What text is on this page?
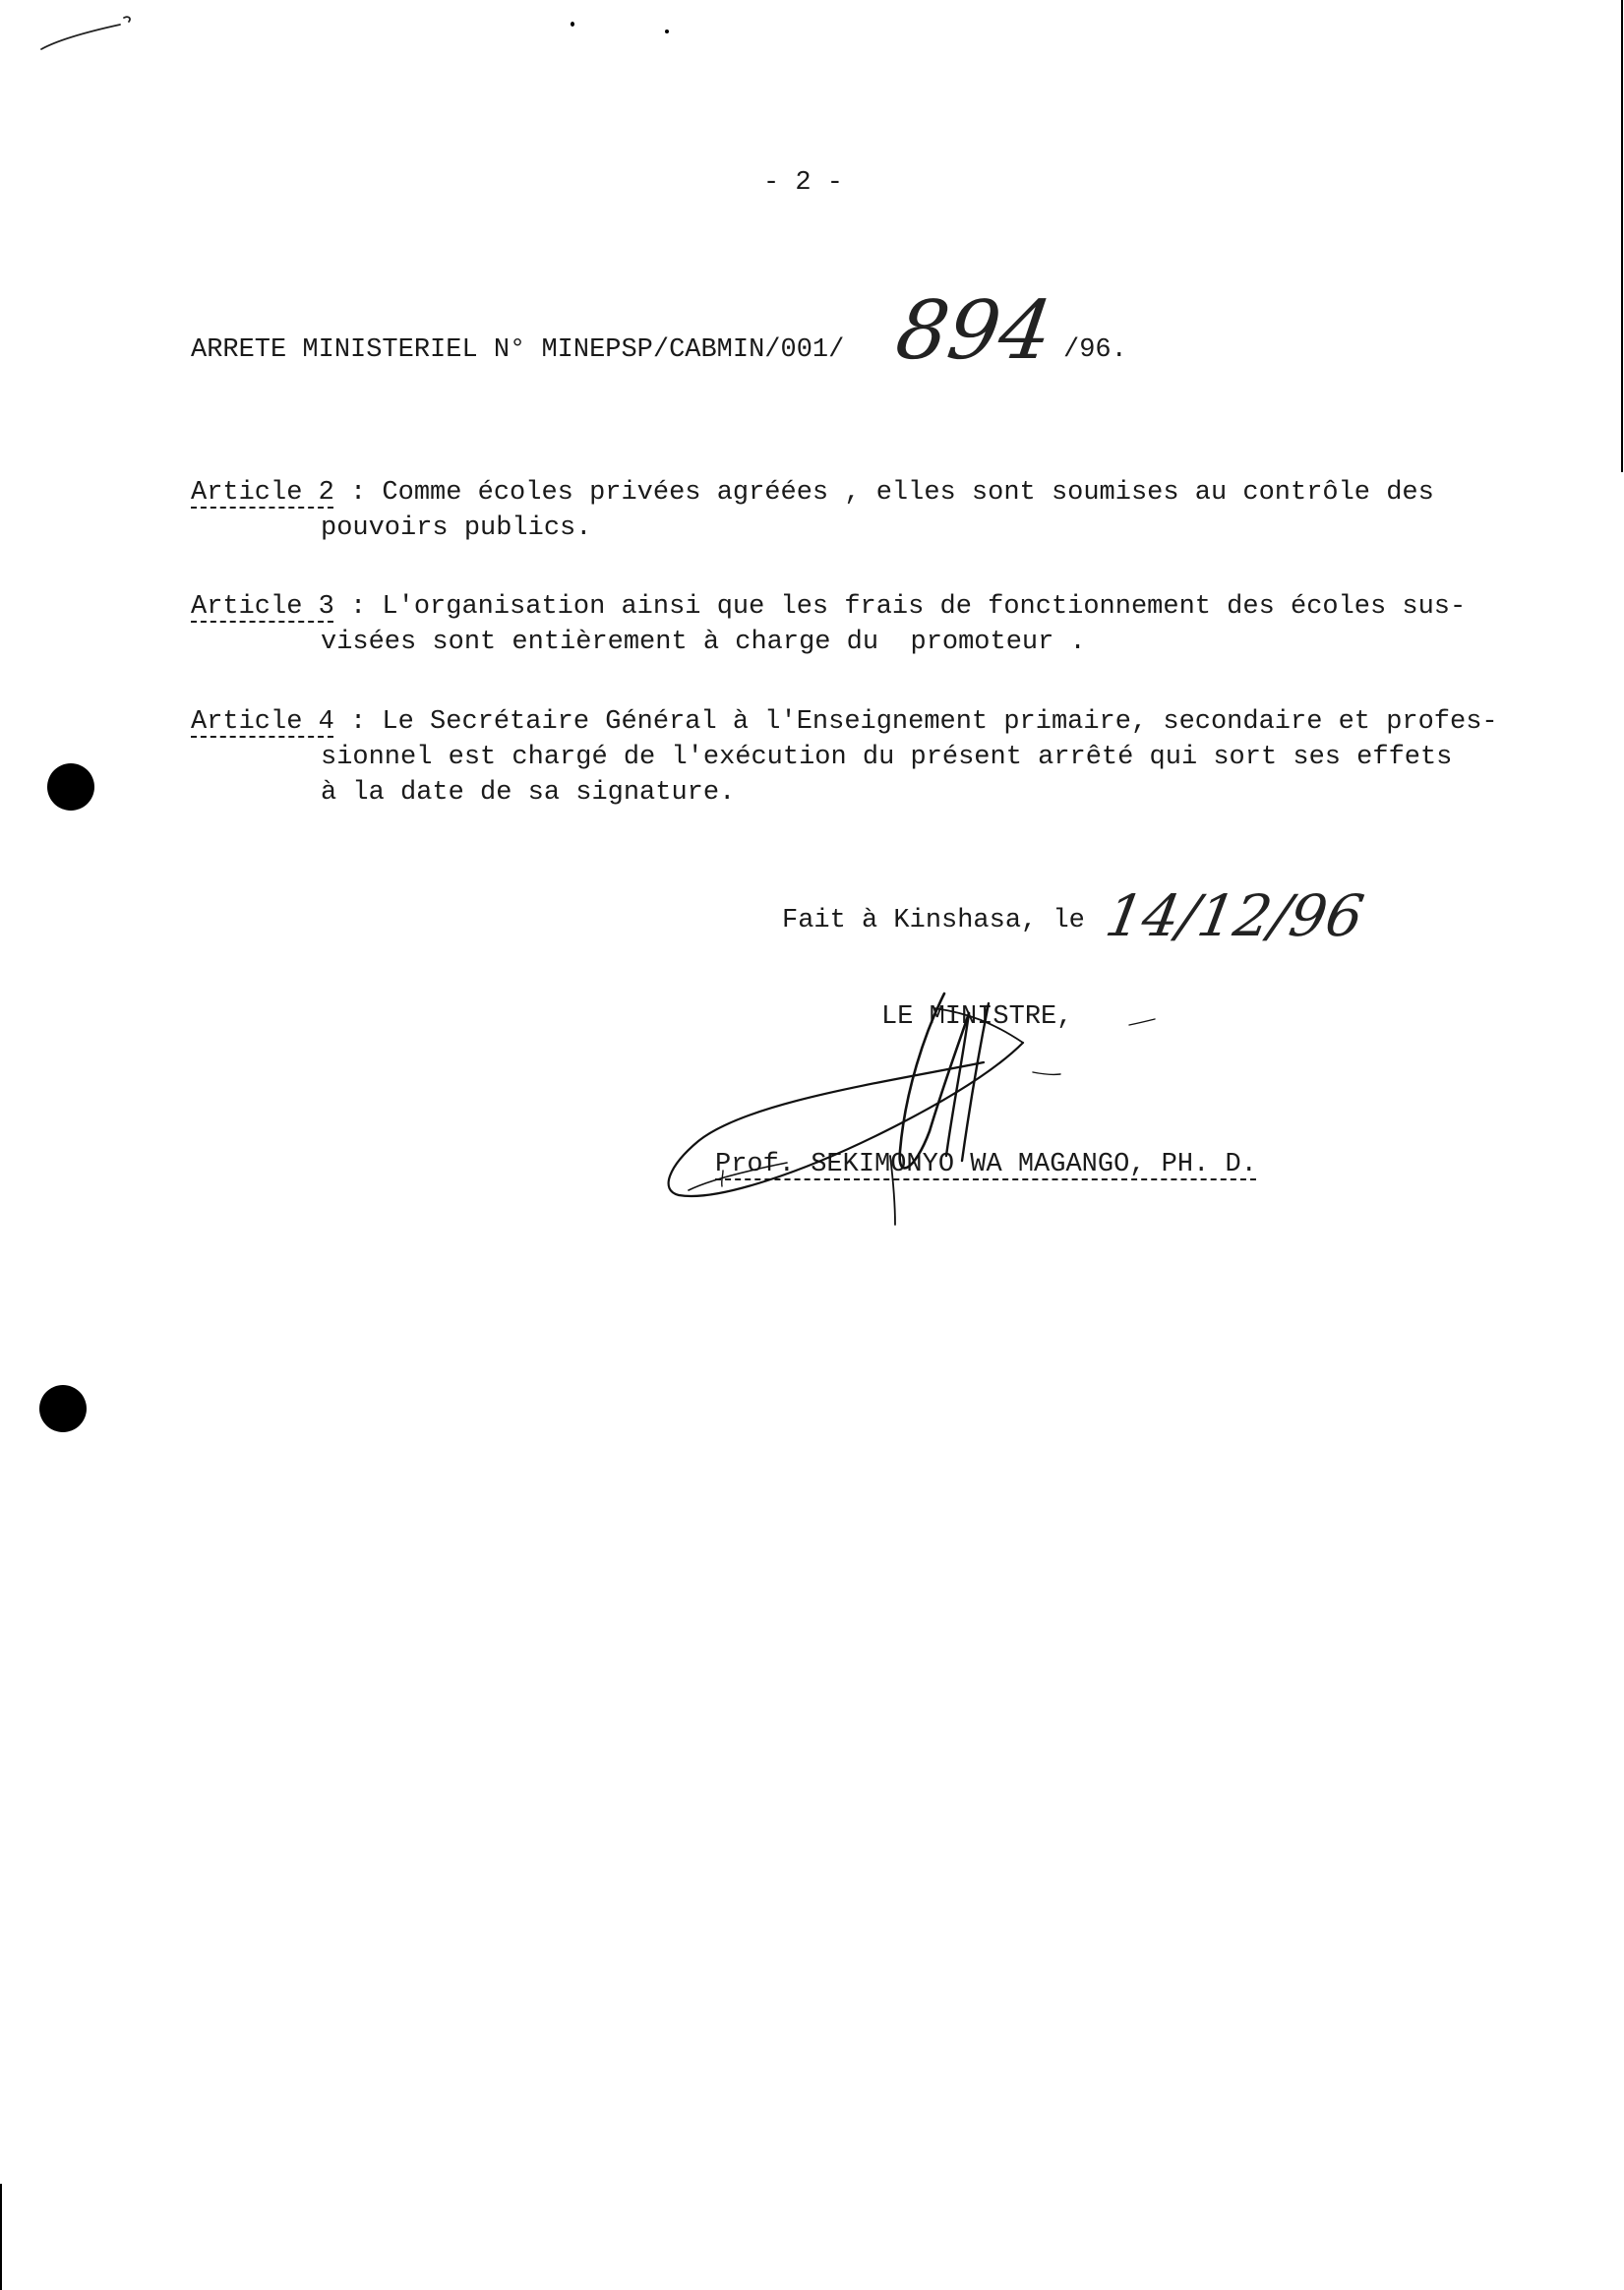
- 2 -
ARRETE MINISTERIEL N° MINEPSP/CABMIN/001/ 894 /96.
Article 2 : Comme écoles privées agréées , elles sont soumises au contrôle des
pouvoirs publics.
Article 3 : L'organisation ainsi que les frais de fonctionnement des écoles sus-
visées sont entièrement à charge du  promoteur .
Article 4 : Le Secrétaire Général à l'Enseignement primaire, secondaire et profes-
sionnel est chargé de l'exécution du présent arrêté qui sort ses effets
à la date de sa signature.
Fait à Kinshasa, le 14/12/96
LE MINISTRE,
Prof. SEKIMONYO WA MAGANGO, PH. D.
